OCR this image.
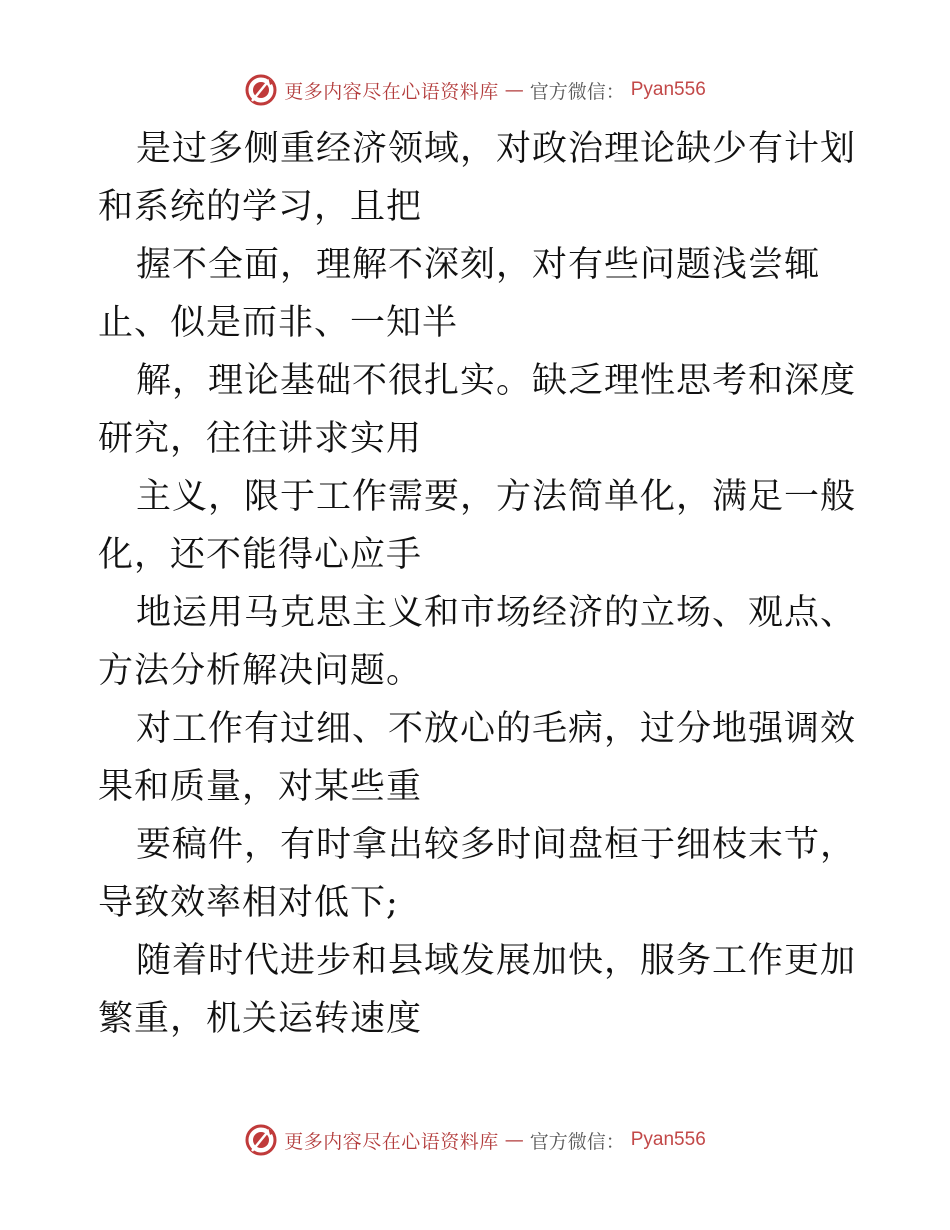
更多内容尽在心语资料库 — 官方微信： Pyan556

是过多侧重经济领域，对政治理论缺少有计划和系统的学习，且把

握不全面，理解不深刻，对有些问题浅尝辄止、似是而非、一知半

解，理论基础不很扎实。缺乏理性思考和深度研究，往往讲求实用

主义，限于工作需要，方法简单化，满足一般化，还不能得心应手

地运用马克思主义和市场经济的立场、观点、方法分析解决问题。

对工作有过细、不放心的毛病，过分地强调效果和质量，对某些重

要稿件，有时拿出较多时间盘桓于细枝末节，导致效率相对低下;

随着时代进步和县域发展加快，服务工作更加繁重，机关运转速度

更多内容尽在心语资料库 — 官方微信： Pyan556
